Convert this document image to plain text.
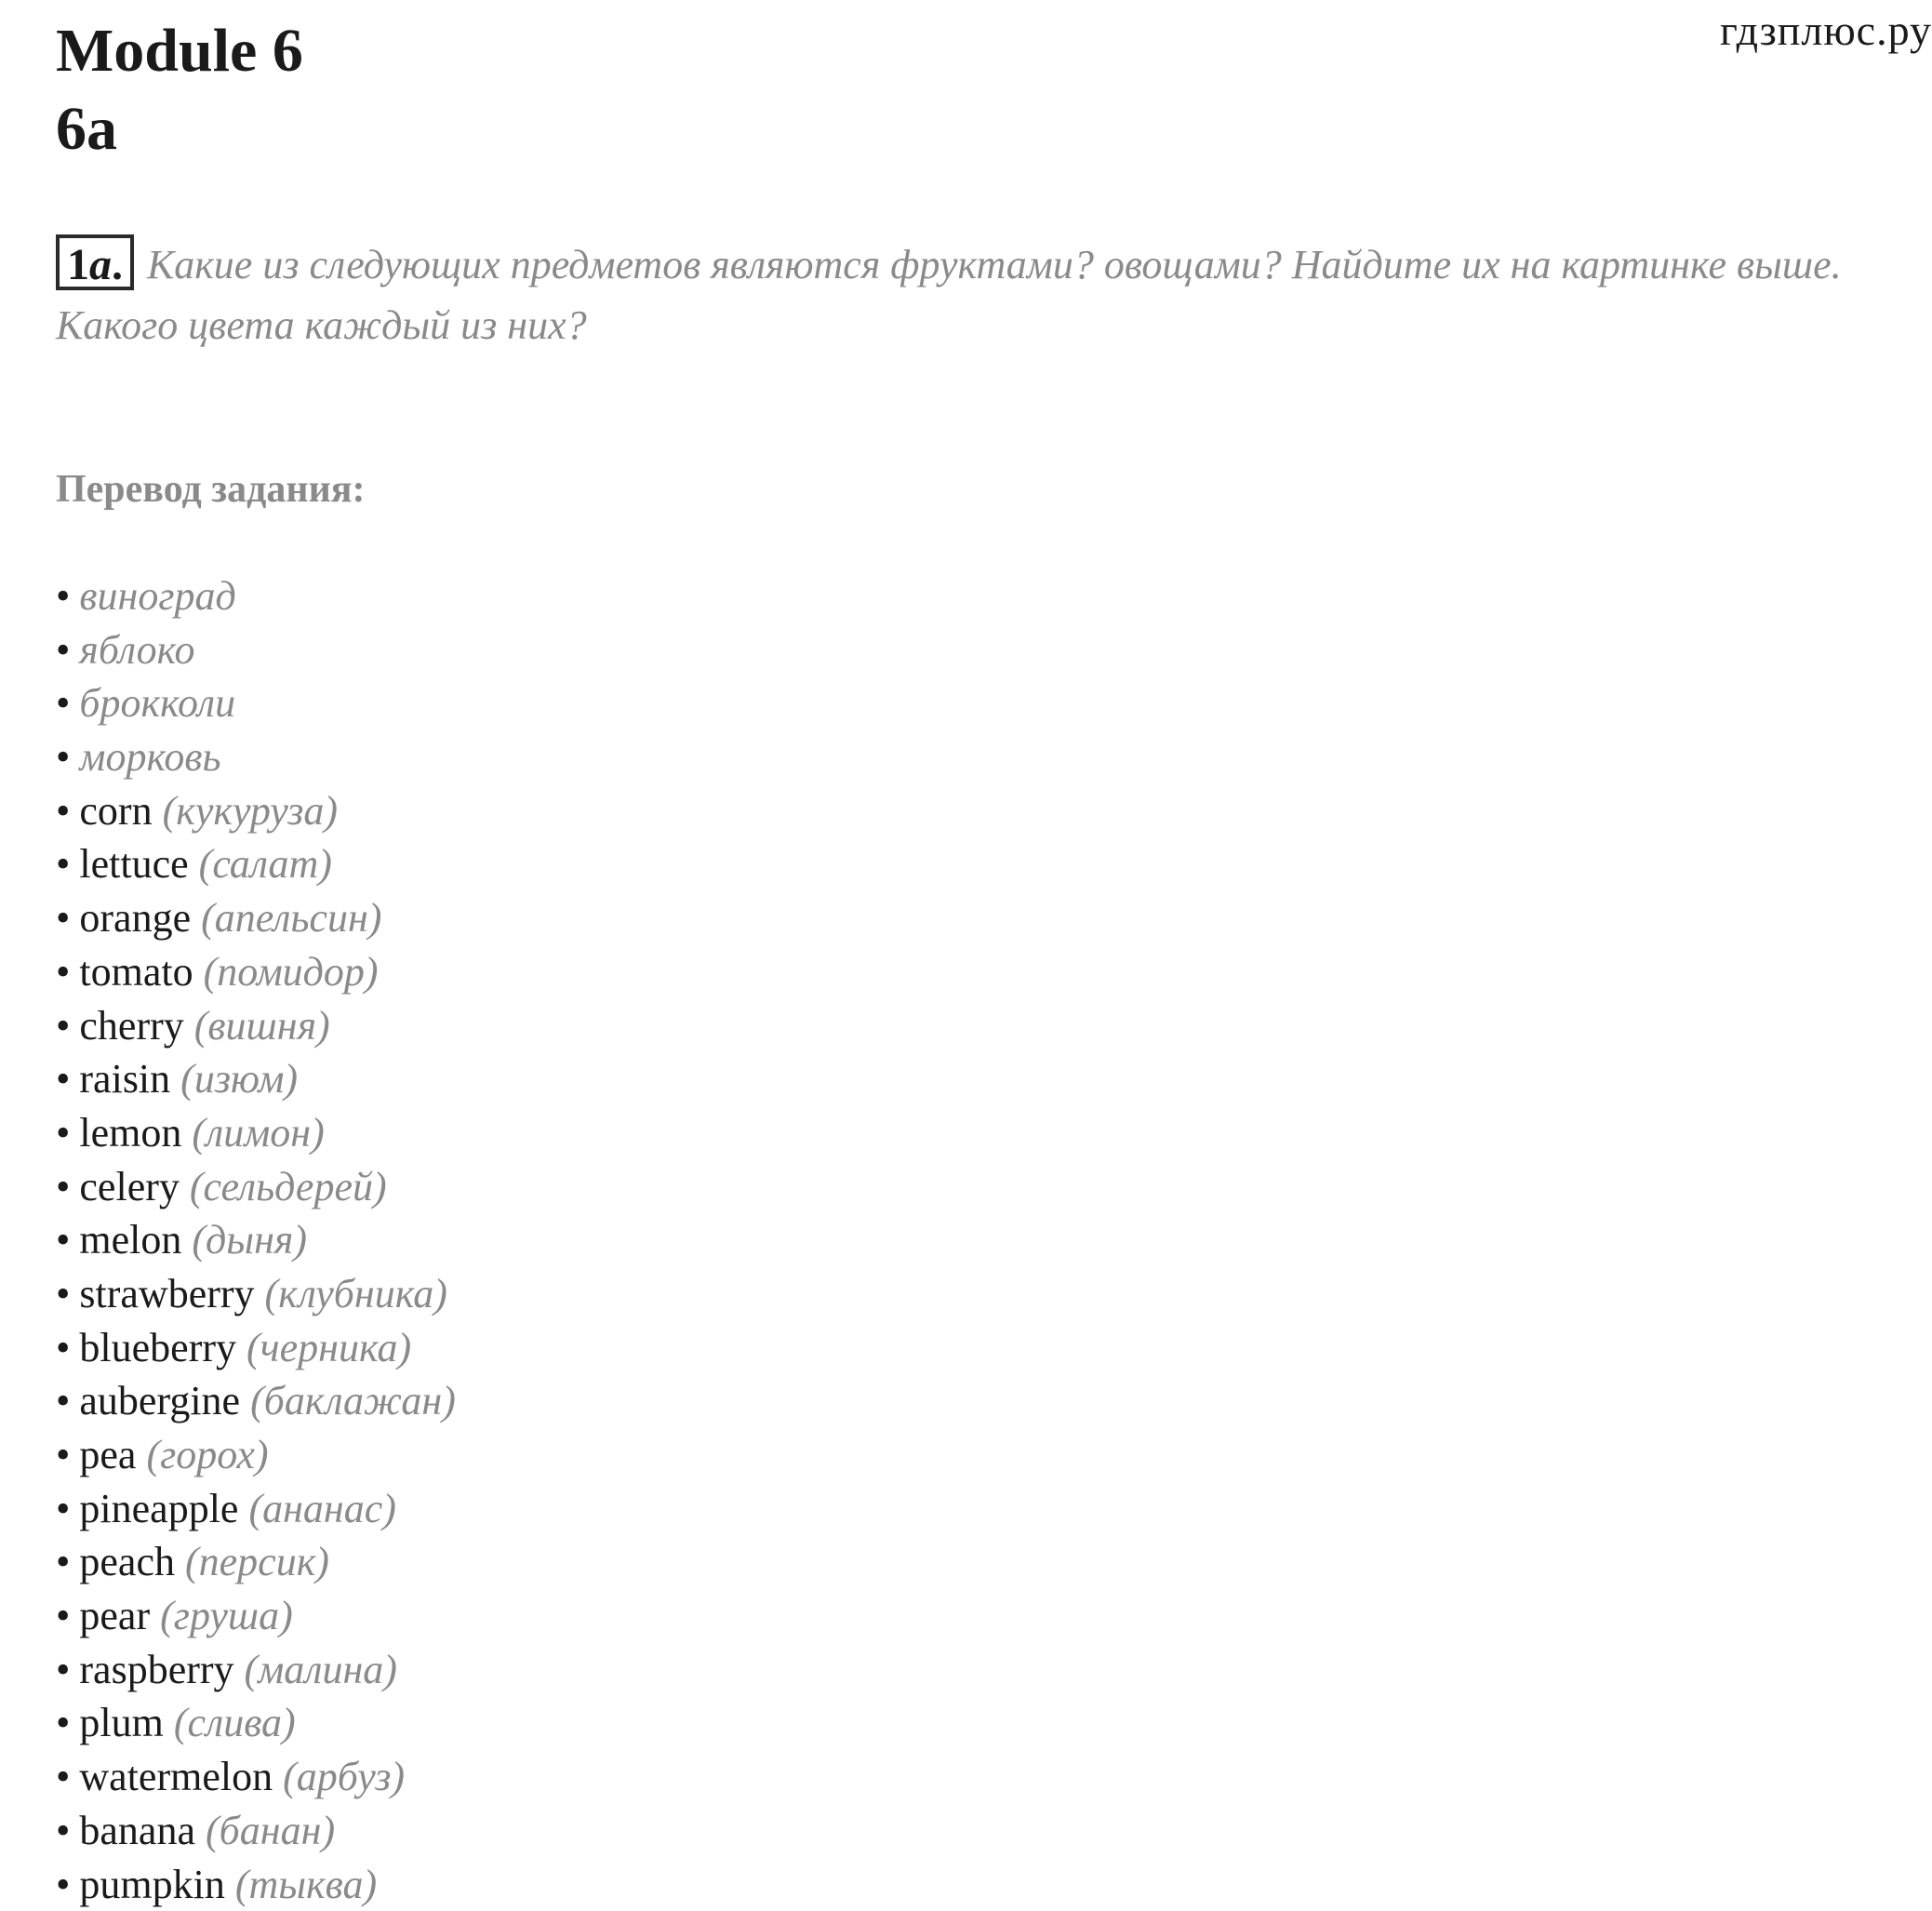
гдзплюс.ру
Module 6
6a
1a. Какие из следующих предметов являются фруктами? овощами? Найдите их на картинке выше. Какого цвета каждый из них?
Перевод задания:
• виноград
• яблоко
• брокколи
• морковь
• corn (кукуруза)
• lettuce (салат)
• orange (апельсин)
• tomato (помидор)
• cherry (вишня)
• raisin (изюм)
• lemon (лимон)
• celery (сельдерей)
• melon (дыня)
• strawberry (клубника)
• blueberry (черника)
• aubergine (баклажан)
• pea (горох)
• pineapple (ананас)
• peach (персик)
• pear (груша)
• raspberry (малина)
• plum (слива)
• watermelon (арбуз)
• banana (банан)
• pumpkin (тыква)
